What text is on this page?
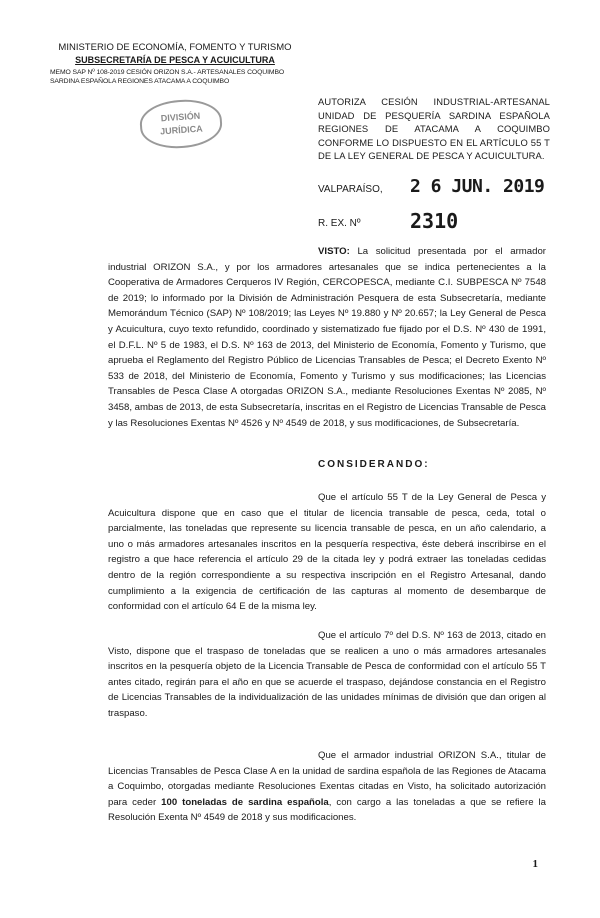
MINISTERIO DE ECONOMÍA, FOMENTO Y TURISMO
SUBSECRETARÍA DE PESCA Y ACUICULTURA
MEMO SAP Nº 108-2019 CESIÓN ORIZON S.A.- ARTESANALES COQUIMBO
SARDINA ESPAÑOLA REGIONES ATACAMA A COQUIMBO
DIVISIÓN
JURÍDICA
AUTORIZA CESIÓN INDUSTRIAL-ARTESANAL UNIDAD DE PESQUERÍA SARDINA ESPAÑOLA REGIONES DE ATACAMA A COQUIMBO CONFORME LO DISPUESTO EN EL ARTÍCULO 55 T DE LA LEY GENERAL DE PESCA Y ACUICULTURA.
VALPARAÍSO, 2 6 JUN. 2019
R. EX. Nº 2310
VISTO: La solicitud presentada por el armador industrial ORIZON S.A., y por los armadores artesanales que se indica pertenecientes a la Cooperativa de Armadores Cerqueros IV Región, CERCOPESCA, mediante C.I. SUBPESCA Nº 7548 de 2019; lo informado por la División de Administración Pesquera de esta Subsecretaría, mediante Memorándum Técnico (SAP) Nº 108/2019; las Leyes Nº 19.880 y Nº 20.657; la Ley General de Pesca y Acuicultura, cuyo texto refundido, coordinado y sistematizado fue fijado por el D.S. Nº 430 de 1991, el D.F.L. Nº 5 de 1983, el D.S. Nº 163 de 2013, del Ministerio de Economía, Fomento y Turismo, que aprueba el Reglamento del Registro Público de Licencias Transables de Pesca; el Decreto Exento Nº 533 de 2018, del Ministerio de Economía, Fomento y Turismo y sus modificaciones; las Licencias Transables de Pesca Clase A otorgadas ORIZON S.A., mediante Resoluciones Exentas Nº 2085, Nº 3458, ambas de 2013, de esta Subsecretaría, inscritas en el Registro de Licencias Transable de Pesca y las Resoluciones Exentas Nº 4526 y Nº 4549 de 2018, y sus modificaciones, de Subsecretaría.
CONSIDERANDO:
Que el artículo 55 T de la Ley General de Pesca y Acuicultura dispone que en caso que el titular de licencia transable de pesca, ceda, total o parcialmente, las toneladas que represente su licencia transable de pesca, en un año calendario, a uno o más armadores artesanales inscritos en la pesquería respectiva, éste deberá inscribirse en el registro a que hace referencia el artículo 29 de la citada ley y podrá extraer las toneladas cedidas dentro de la región correspondiente a su respectiva inscripción en el Registro Artesanal, dando cumplimiento a la exigencia de certificación de las capturas al momento de desembarque de conformidad con el artículo 64 E de la misma ley.
Que el artículo 7º del D.S. Nº 163 de 2013, citado en Visto, dispone que el traspaso de toneladas que se realicen a uno o más armadores artesanales inscritos en la pesquería objeto de la Licencia Transable de Pesca de conformidad con el artículo 55 T antes citado, regirán para el año en que se acuerde el traspaso, dejándose constancia en el Registro de Licencias Transables de la individualización de las unidades mínimas de división que dan origen al traspaso.
Que el armador industrial ORIZON S.A., titular de Licencias Transables de Pesca Clase A en la unidad de sardina española de las Regiones de Atacama a Coquimbo, otorgadas mediante Resoluciones Exentas citadas en Visto, ha solicitado autorización para ceder 100 toneladas de sardina española, con cargo a las toneladas a que se refiere la Resolución Exenta Nº 4549 de 2018 y sus modificaciones.
1
